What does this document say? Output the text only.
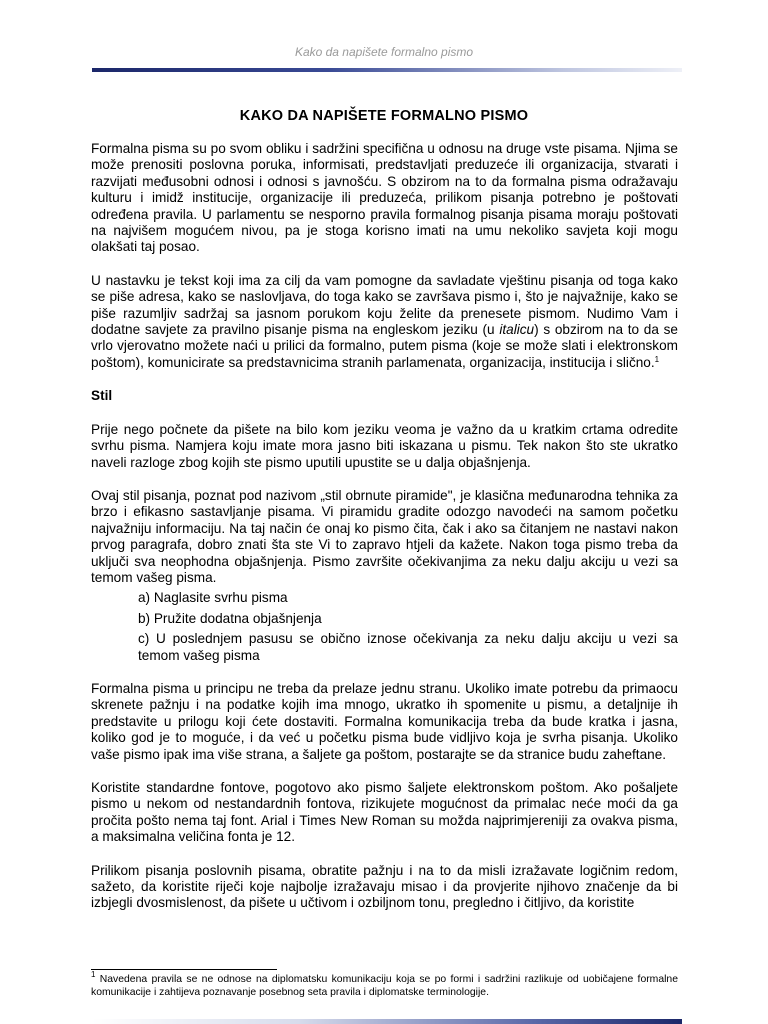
Kako da napišete formalno pismo
KAKO DA NAPIŠETE FORMALNO PISMO

Formalna pisma su po svom obliku i sadržini specifična u odnosu na druge vste pisama. Njima se može prenositi poslovna poruka, informisati, predstavljati preduzeće ili organizacija, stvarati i razvijati međusobni odnosi i odnosi s javnošću. S obzirom na to da formalna pisma odražavaju kulturu i imidž institucije, organizacije ili preduzeća, prilikom pisanja potrebno je poštovati određena pravila. U parlamentu se nesporno pravila formalnog pisanja pisama moraju poštovati na najvišem mogućem nivou, pa je stoga korisno imati na umu nekoliko savjeta koji mogu olakšati taj posao.

U nastavku je tekst koji ima za cilj da vam pomogne da savladate vještinu pisanja od toga kako se piše adresa, kako se naslovljava, do toga kako se završava pismo i, što je najvažnije, kako se piše razumljiv sadržaj sa jasnom porukom koju želite da prenesete pismom. Nudimo Vam i dodatne savjete za pravilno pisanje pisma na engleskom jeziku (u italicu) s obzirom na to da se vrlo vjerovatno možete naći u prilici da formalno, putem pisma (koje se može slati i elektronskom poštom), komunicirate sa predstavnicima stranih parlamenata, organizacija, institucija i slično.$^1$

Stil

Prije nego počnete da pišete na bilo kom jeziku veoma je važno da u kratkim crtama odredite svrhu pisma. Namjera koju imate mora jasno biti iskazana u pismu. Tek nakon što ste ukratko naveli razloge zbog kojih ste pismo uputili upustite se u dalja objašnjenja.

Ovaj stil pisanja, poznat pod nazivom „stil obrnute piramide", je klasična međunarodna tehnika za brzo i efikasno sastavljanje pisama. Vi piramidu gradite odozgo navodeći na samom početku najvažniju informaciju. Na taj način će onaj ko pismo čita, čak i ako sa čitanjem ne nastavi nakon prvog paragrafa, dobro znati šta ste Vi to zapravo htjeli da kažete. Nakon toga pismo treba da uključi sva neophodna objašnjenja. Pismo završite očekivanjima za neku dalju akciju u vezi sa temom vašeg pisma.

a) Naglasite svrhu pisma
b) Pružite dodatna objašnjenja
c) U poslednjem pasusu se obično iznose očekivanja za neku dalju akciju u vezi sa temom vašeg pisma

Formalna pisma u principu ne treba da prelaze jednu stranu. Ukoliko imate potrebu da primaocu skrenete pažnju i na podatke kojih ima mnogo, ukratko ih spomenite u pismu, a detaljnije ih predstavite u prilogu koji ćete dostaviti. Formalna komunikacija treba da bude kratka i jasna, koliko god je to moguće, i da već u početku pisma bude vidljivo koja je svrha pisanja. Ukoliko vaše pismo ipak ima više strana, a šaljete ga poštom, postarajte se da stranice budu zaheftane.

Koristite standardne fontove, pogotovo ako pismo šaljete elektronskom poštom. Ako pošaljete pismo u nekom od nestandardnih fontova, rizikujete mogućnost da primalac neće moći da ga pročita pošto nema taj font. Arial i Times New Roman su možda najprimjereniji za ovakva pisma, a maksimalna veličina fonta je 12.

Prilikom pisanja poslovnih pisama, obratite pažnju i na to da misli izražavate logičnim redom, sažeto, da koristite riječi koje najbolje izražavaju misao i da provjerite njihovo značenje da bi izbjegli dvosmislenost, da pišete u učtivom i ozbiljnom tonu, pregledno i čitljivo, da koristite

$^1$ Navedena pravila se ne odnose na diplomatsku komunikaciju koja se po formi i sadržini razlikuje od uobičajene formalne komunikacije i zahtijeva poznavanje posebnog seta pravila i diplomatske terminologije.
